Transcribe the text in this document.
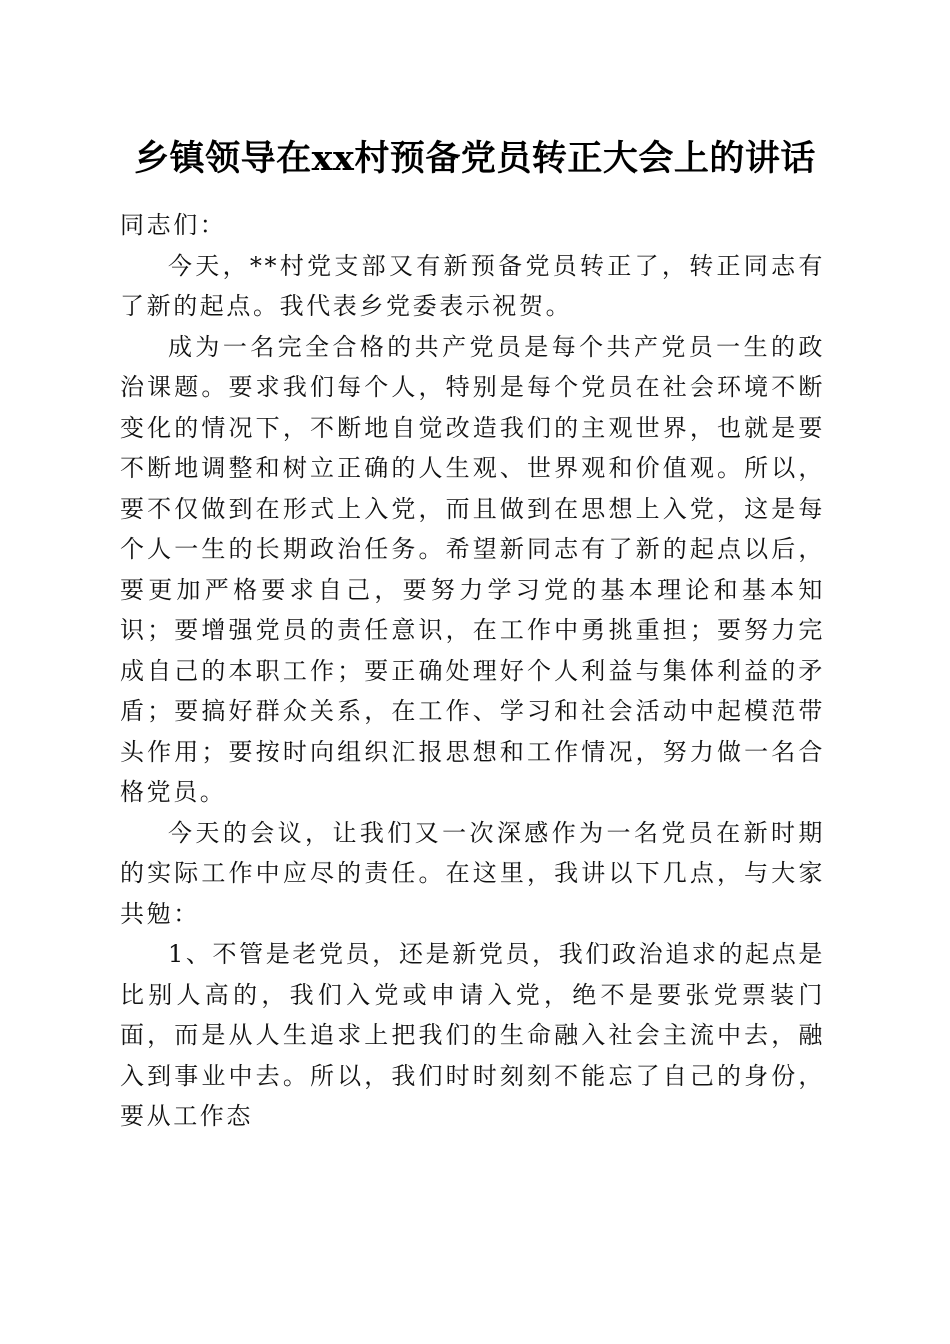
乡镇领导在xx村预备党员转正大会上的讲话

同志们：

今天，**村党支部又有新预备党员转正了，转正同志有了新的起点。我代表乡党委表示祝贺。

成为一名完全合格的共产党员是每个共产党员一生的政治课题。要求我们每个人，特别是每个党员在社会环境不断变化的情况下，不断地自觉改造我们的主观世界，也就是要不断地调整和树立正确的人生观、世界观和价值观。所以，要不仅做到在形式上入党，而且做到在思想上入党，这是每个人一生的长期政治任务。希望新同志有了新的起点以后，要更加严格要求自己，要努力学习党的基本理论和基本知识；要增强党员的责任意识，在工作中勇挑重担；要努力完成自己的本职工作；要正确处理好个人利益与集体利益的矛盾；要搞好群众关系，在工作、学习和社会活动中起模范带头作用；要按时向组织汇报思想和工作情况，努力做一名合格党员。

今天的会议，让我们又一次深感作为一名党员在新时期的实际工作中应尽的责任。在这里，我讲以下几点，与大家共勉：

1、不管是老党员，还是新党员，我们政治追求的起点是比别人高的，我们入党或申请入党，绝不是要张党票装门面，而是从人生追求上把我们的生命融入社会主流中去，融入到事业中去。所以，我们时时刻刻不能忘了自己的身份，要从工作态
